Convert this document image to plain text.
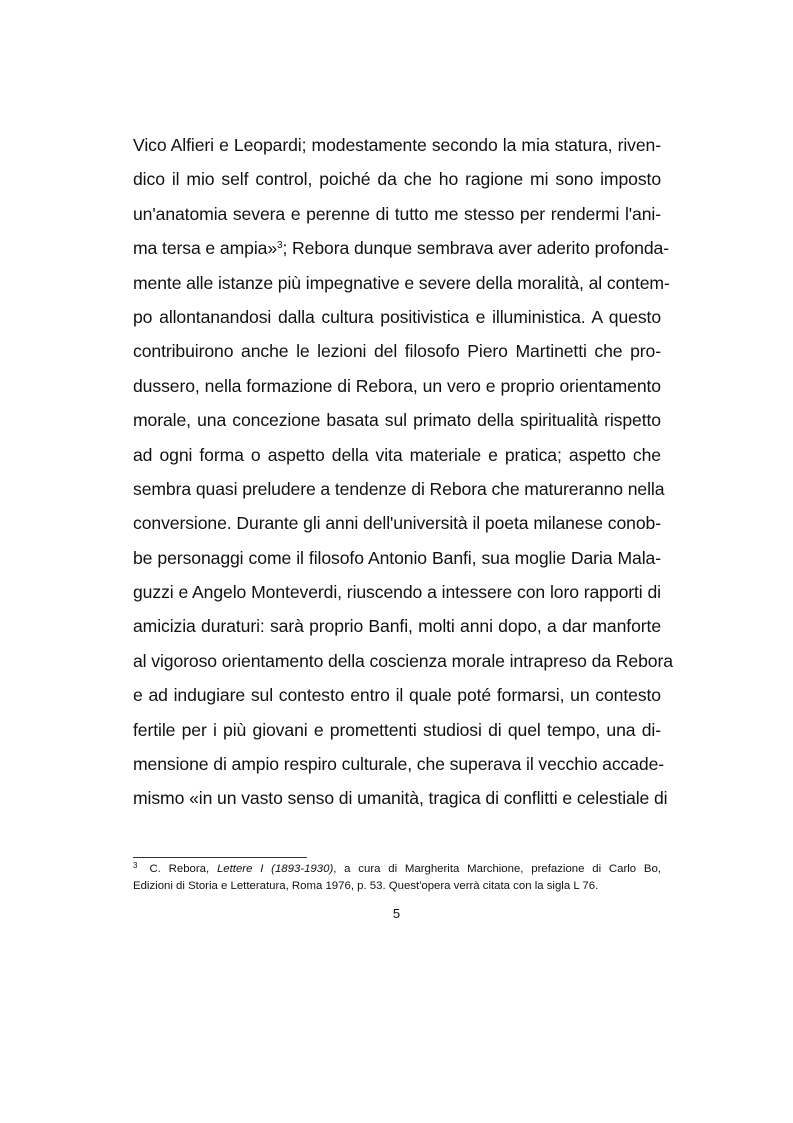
Vico Alfieri e Leopardi; modestamente secondo la mia statura, riven-
dico il mio self control, poiché da che ho ragione mi sono imposto
un'anatomia severa e perenne di tutto me stesso per rendermi l'ani-
ma tersa e ampia»$^3$; Rebora dunque sembrava aver aderito profonda-
mente alle istanze più impegnative e severe della moralità, al contem-
po allontanandosi dalla cultura positivistica e illuministica. A questo
contribuirono anche le lezioni del filosofo Piero Martinetti che pro-
dussero, nella formazione di Rebora, un vero e proprio orientamento
morale, una concezione basata sul primato della spiritualità rispetto
ad ogni forma o aspetto della vita materiale e pratica; aspetto che
sembra quasi preludere a tendenze di Rebora che matureranno nella
conversione. Durante gli anni dell'università il poeta milanese conob-
be personaggi come il filosofo Antonio Banfi, sua moglie Daria Mala-
guzzi e Angelo Monteverdi, riuscendo a intessere con loro rapporti di
amicizia duraturi: sarà proprio Banfi, molti anni dopo, a dar manforte
al vigoroso orientamento della coscienza morale intrapreso da Rebora
e ad indugiare sul contesto entro il quale poté formarsi, un contesto
fertile per i più giovani e promettenti studiosi di quel tempo, una di-
mensione di ampio respiro culturale, che superava il vecchio accade-
mismo «in un vasto senso di umanità, tragica di conflitti e celestiale di
$^3$ C. Rebora, Lettere I (1893-1930), a cura di Margherita Marchione, prefazione di Carlo Bo,
Edizioni di Storia e Letteratura, Roma 1976, p. 53. Quest'opera verrà citata con la sigla L 76.
5
